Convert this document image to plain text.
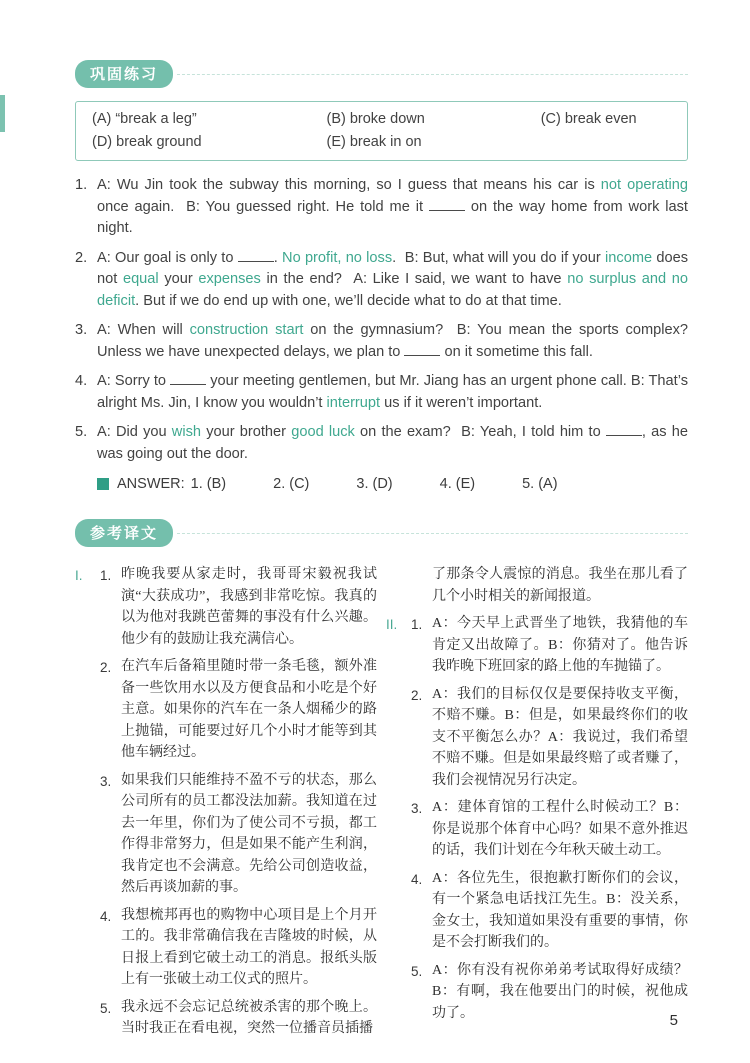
巩固练习
(A) “break a leg”	(B) broke down	(C) break even
(D) break ground	(E) break in on
1. A: Wu Jin took the subway this morning, so I guess that means his car is not operating once again.  B: You guessed right. He told me it  on the way home from work last night.

2. A: Our goal is only to . No profit, no loss.  B: But, what will you do if your income does not equal your expenses in the end?  A: Like I said, we want to have no surplus and no deficit. But if we do end up with one, we’ll decide what to do at that time.

3. A: When will construction start on the gymnasium?  B: You mean the sports complex? Unless we have unexpected delays, we plan to  on it sometime this fall.

4. A: Sorry to  your meeting gentlemen, but Mr. Jiang has an urgent phone call. B: That’s alright Ms. Jin, I know you wouldn’t interrupt us if it weren’t important.

5. A: Did you wish your brother good luck on the exam?  B: Yeah, I told him to , as he was going out the door.

ANSWER: 1. (B)	2. (C)	3. (D)	4. (E)	5. (A)
参考译文
I. 1. 昨晚我要从家走时，我哥哥宋毅祝我试演“大获成功”，我感到非常吃惊。我真的以为他对我跳芭蕾舞的事没有什么兴趣。他少有的鼓励让我充满信心。

2. 在汽车后备箱里随时带一条毛毯，额外准备一些饮用水以及方便食品和小吃是个好主意。如果你的汽车在一条人烟稀少的路上抛锚，可能要过好几个小时才能等到其他车辆经过。

3. 如果我们只能维持不盈不亏的状态，那么公司所有的员工都没法加薪。我知道在过去一年里，你们为了使公司不亏损，都工作得非常努力，但是如果不能产生利润，我肯定也不会满意。先给公司创造收益，然后再谈加薪的事。

4. 我想梳邦再也的购物中心项目是上个月开工的。我非常确信我在吉隆坡的时候，从日报上看到它破土动工的消息。报纸头版上有一张破土动工仪式的照片。

5. 我永远不会忘记总统被杀害的那个晚上。当时我正在看电视，突然一位播音员插播

了那条令人震惊的消息。我坐在那儿看了几个小时相关的新闻报道。

II. 1. A：今天早上武晋坐了地铁，我猜他的车肯定又出故障了。B：你猜对了。他告诉我昨晚下班回家的路上他的车抛锚了。

2. A：我们的目标仅仅是要保持收支平衡，不赔不赚。B：但是，如果最终你们的收支不平衡怎么办？A：我说过，我们希望不赔不赚。但是如果最终赔了或者赚了，我们会视情况另行决定。

3. A：建体育馆的工程什么时候动工？B：你是说那个体育中心吗？如果不意外推迟的话，我们计划在今年秋天破土动工。

4. A：各位先生，很抱歉打断你们的会议，有一个紧急电话找江先生。B：没关系，金女士，我知道如果没有重要的事情，你是不会打断我们的。

5. A：你有没有祝你弟弟考试取得好成绩？B：有啊，我在他要出门的时候，祝他成功了。	5
